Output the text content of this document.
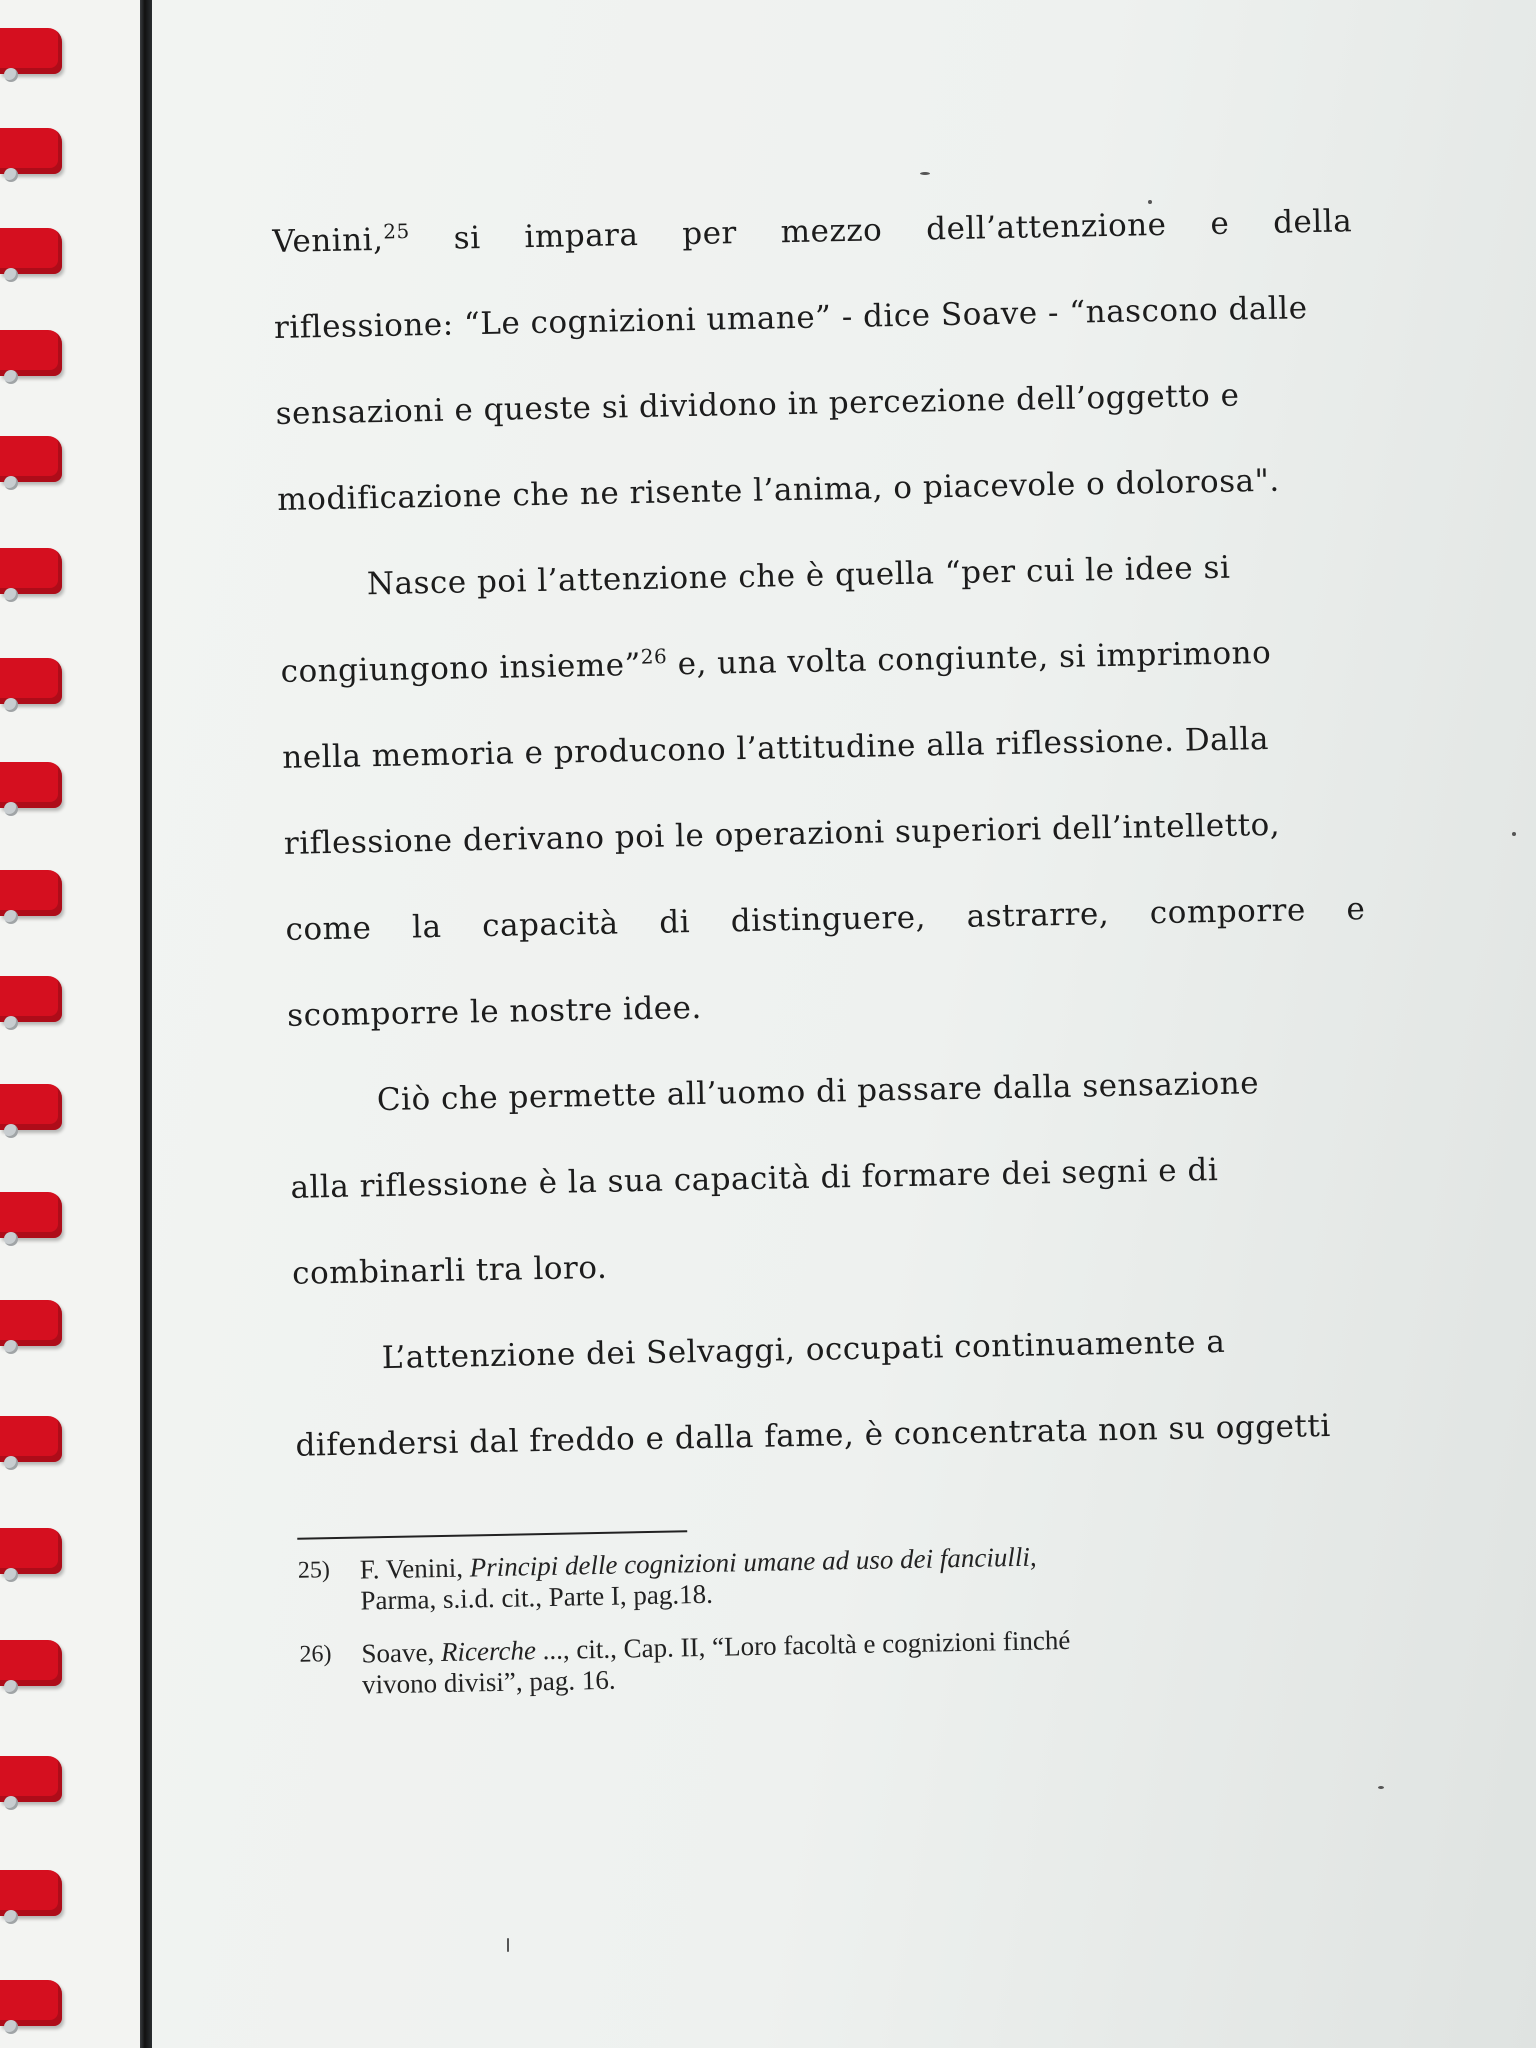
Venini,$^{25}$ si impara per mezzo dell’attenzione e della
riflessione: “Le cognizioni umane” - dice Soave - “nascono dalle
sensazioni e queste si dividono in percezione dell’oggetto e
modificazione che ne risente l’anima, o piacevole o dolorosa".
Nasce poi l’attenzione che è quella “per cui le idee si
congiungono insieme”$^{26}$ e, una volta congiunte, si imprimono
nella memoria e producono l’attitudine alla riflessione. Dalla
riflessione derivano poi le operazioni superiori dell’intelletto,
come la capacità di distinguere, astrarre, comporre e
scomporre le nostre idee.
Ciò che permette all’uomo di passare dalla sensazione
alla riflessione è la sua capacità di formare dei segni e di
combinarli tra loro.
L’attenzione dei Selvaggi, occupati continuamente a
difendersi dal freddo e dalla fame, è concentrata non su oggetti
25)	F. Venini, Principi delle cognizioni umane ad uso dei fanciulli,
Parma, s.i.d. cit., Parte I, pag.18.
26)	Soave, Ricerche ..., cit., Cap. II, “Loro facoltà e cognizioni finché
vivono divisi”, pag. 16.
